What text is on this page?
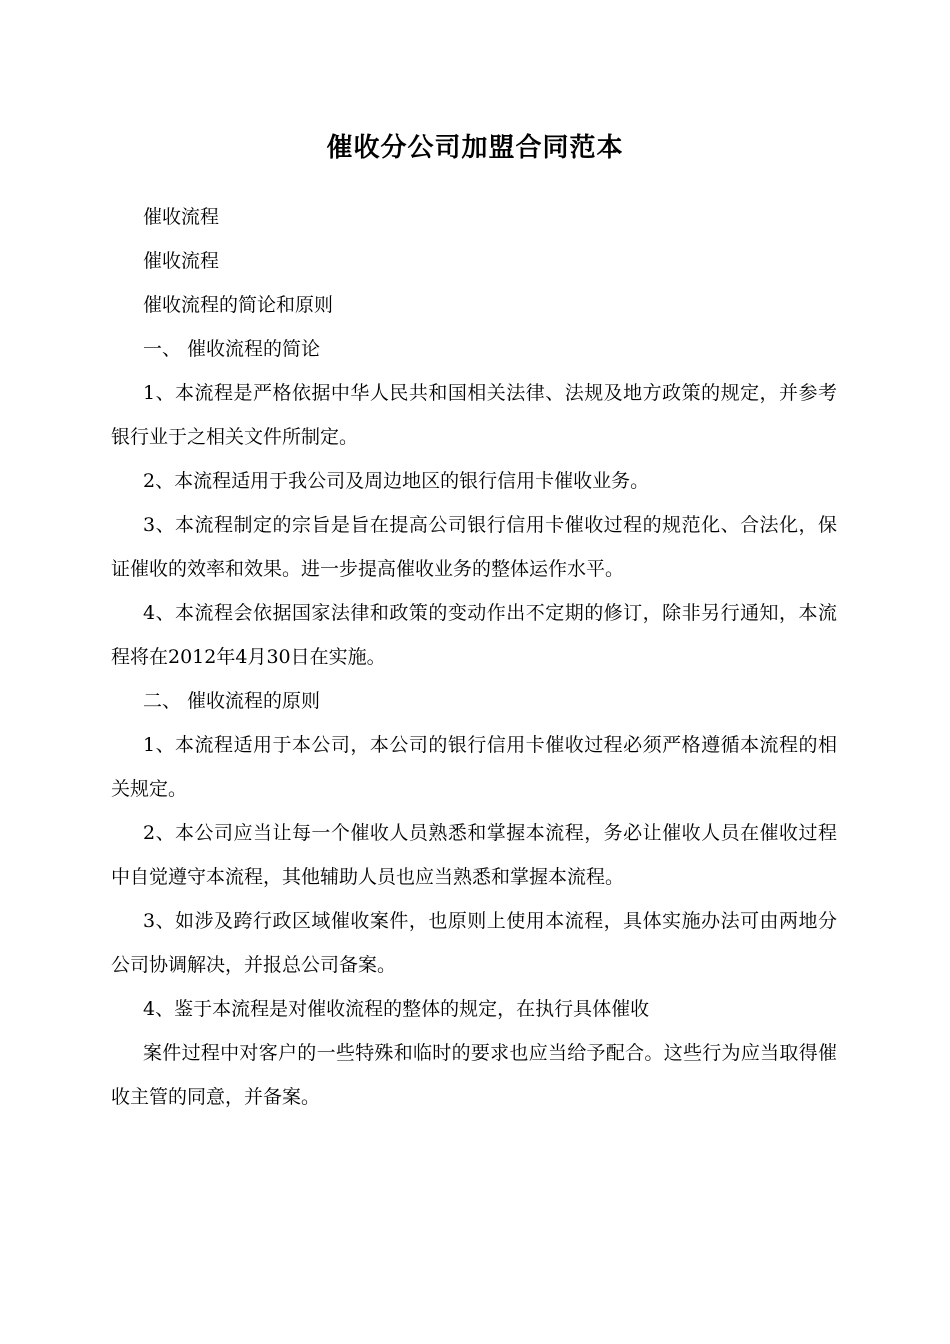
催收分公司加盟合同范本

催收流程

催收流程

催收流程的简论和原则

一、 催收流程的简论

1、本流程是严格依据中华人民共和国相关法律、法规及地方政策的规定，并参考银行业于之相关文件所制定。

2、本流程适用于我公司及周边地区的银行信用卡催收业务。

3、本流程制定的宗旨是旨在提高公司银行信用卡催收过程的规范化、合法化，保证催收的效率和效果。进一步提高催收业务的整体运作水平。

4、本流程会依据国家法律和政策的变动作出不定期的修订，除非另行通知，本流程将在2012年4月30日在实施。

二、 催收流程的原则

1、本流程适用于本公司，本公司的银行信用卡催收过程必须严格遵循本流程的相关规定。

2、本公司应当让每一个催收人员熟悉和掌握本流程，务必让催收人员在催收过程中自觉遵守本流程，其他辅助人员也应当熟悉和掌握本流程。

3、如涉及跨行政区域催收案件，也原则上使用本流程，具体实施办法可由两地分公司协调解决，并报总公司备案。

4、鉴于本流程是对催收流程的整体的规定，在执行具体催收

案件过程中对客户的一些特殊和临时的要求也应当给予配合。这些行为应当取得催收主管的同意，并备案。
